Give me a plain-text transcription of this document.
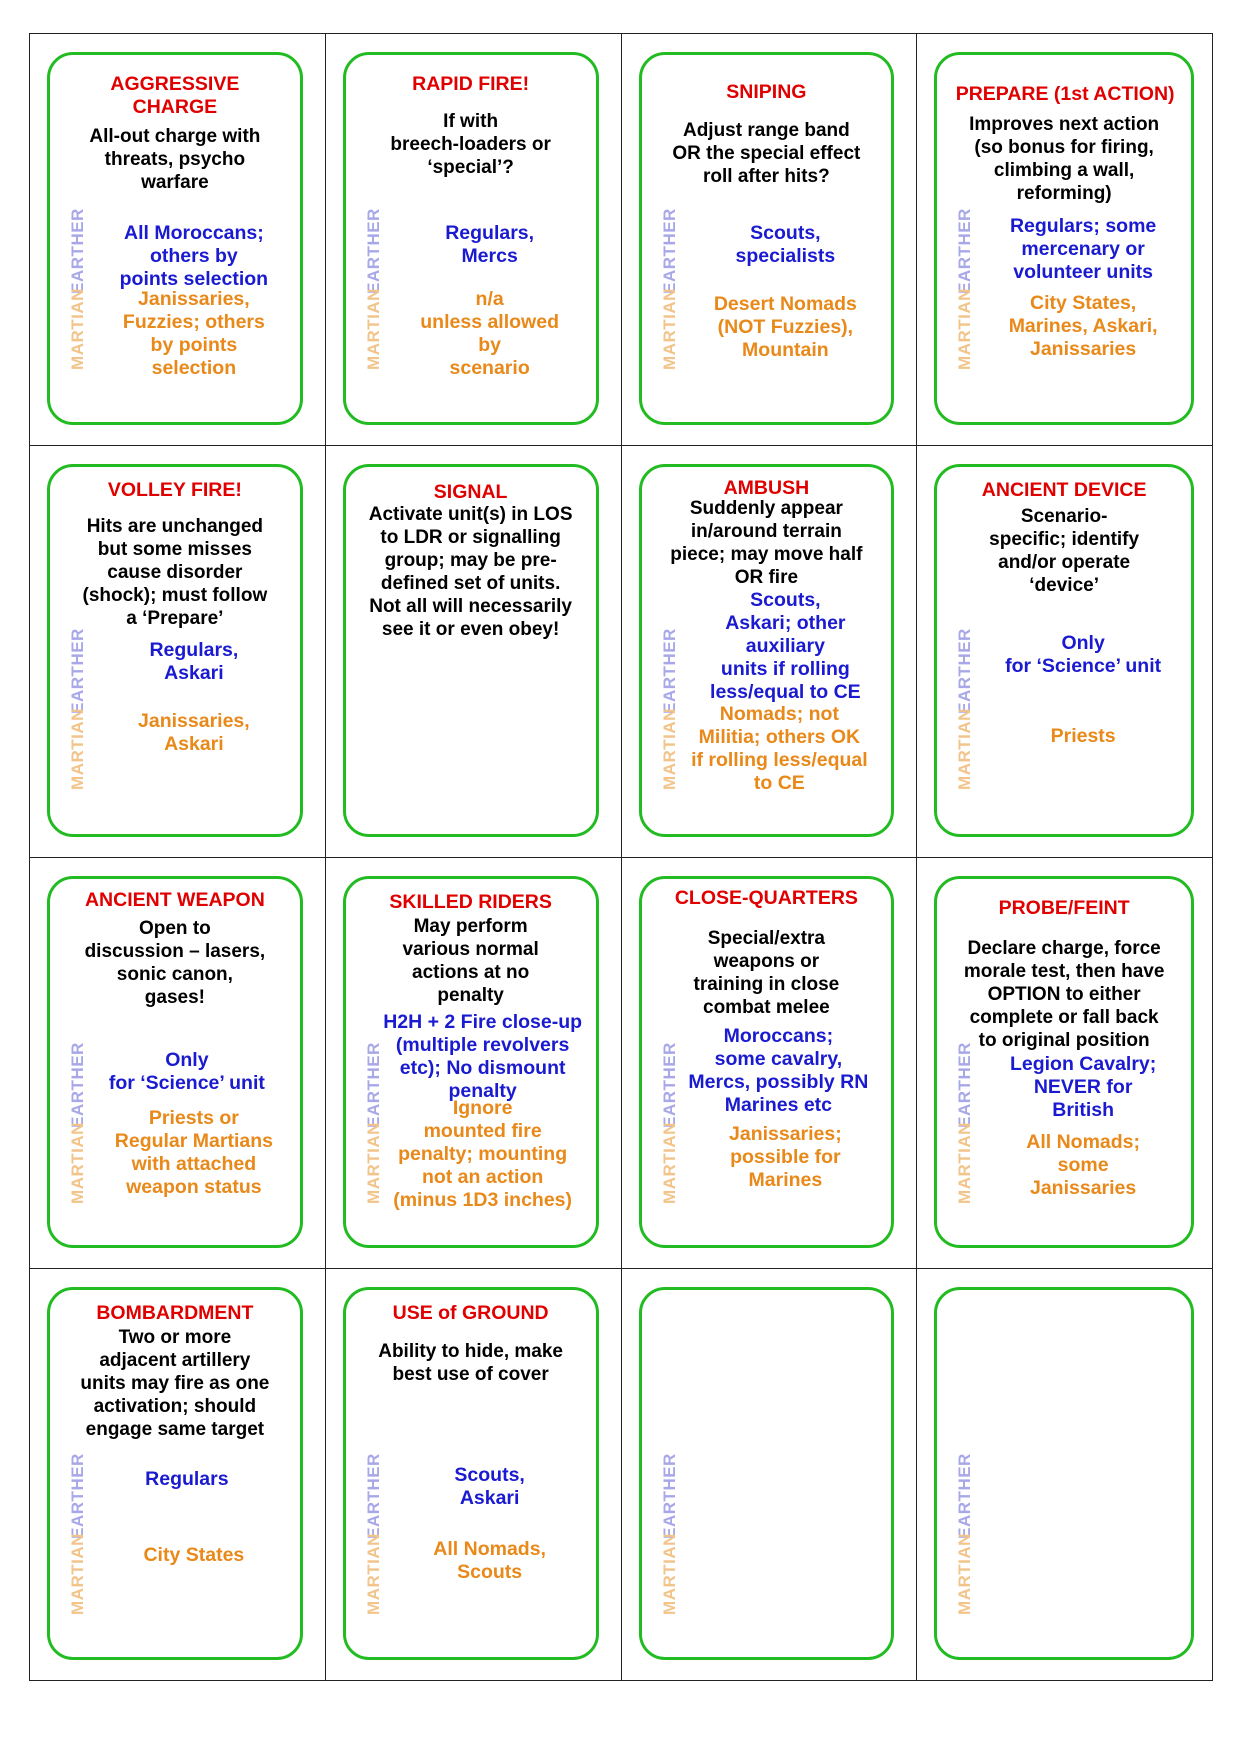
AGGRESSIVE
CHARGE
All-out charge with
threats, psycho
warfare
EARTHER
MARTIAN
All Moroccans;
others by
points selection
Janissaries,
Fuzzies; others
by points
selection
RAPID FIRE!
If with
breech-loaders or
‘special’?
EARTHER
MARTIAN
Regulars,
Mercs
n/a
unless allowed
by
scenario
SNIPING
Adjust range band
OR the special effect
roll after hits?
EARTHER
MARTIAN
Scouts,
specialists
Desert Nomads
(NOT Fuzzies),
Mountain
PREPARE (1st ACTION)
Improves next action
(so bonus for firing,
climbing a wall,
reforming)
EARTHER
MARTIAN
Regulars; some
mercenary or
volunteer units
City States,
Marines, Askari,
Janissaries
VOLLEY FIRE!
Hits are unchanged
but some misses
cause disorder
(shock); must follow
a ‘Prepare’
EARTHER
MARTIAN
Regulars,
Askari
Janissaries,
Askari
SIGNAL
Activate unit(s) in LOS
to LDR or signalling
group; may be pre-
defined set of units.
Not all will necessarily
see it or even obey!
AMBUSH
Suddenly appear
in/around terrain
piece; may move half
OR fire
EARTHER
MARTIAN
Scouts,
Askari; other
auxiliary
units if rolling
less/equal to CE
Nomads; not
Militia; others OK
if rolling less/equal
to CE
ANCIENT DEVICE
Scenario-
specific; identify
and/or operate
‘device’
EARTHER
MARTIAN
Only
for ‘Science’ unit
Priests
ANCIENT WEAPON
Open to
discussion – lasers,
sonic canon,
gases!
EARTHER
MARTIAN
Only
for ‘Science’ unit
Priests or
Regular Martians
with attached
weapon status
SKILLED RIDERS
May perform
various normal
actions at no
penalty
EARTHER
MARTIAN
H2H + 2 Fire close-up
(multiple revolvers
etc); No dismount
penalty
Ignore
mounted fire
penalty; mounting
not an action
(minus 1D3 inches)
CLOSE-QUARTERS
Special/extra
weapons or
training in close
combat melee
EARTHER
MARTIAN
Moroccans;
some cavalry,
Mercs, possibly RN
Marines etc
Janissaries;
possible for
Marines
PROBE/FEINT
Declare charge, force
morale test, then have
OPTION to either
complete or fall back
to original position
EARTHER
MARTIAN
Legion Cavalry;
NEVER for
British
All Nomads;
some
Janissaries
BOMBARDMENT
Two or more
adjacent artillery
units may fire as one
activation; should
engage same target
EARTHER
MARTIAN
Regulars
City States
USE of GROUND
Ability to hide, make
best use of cover
EARTHER
MARTIAN
Scouts,
Askari
All Nomads,
Scouts
EARTHER
MARTIAN
EARTHER
MARTIAN
